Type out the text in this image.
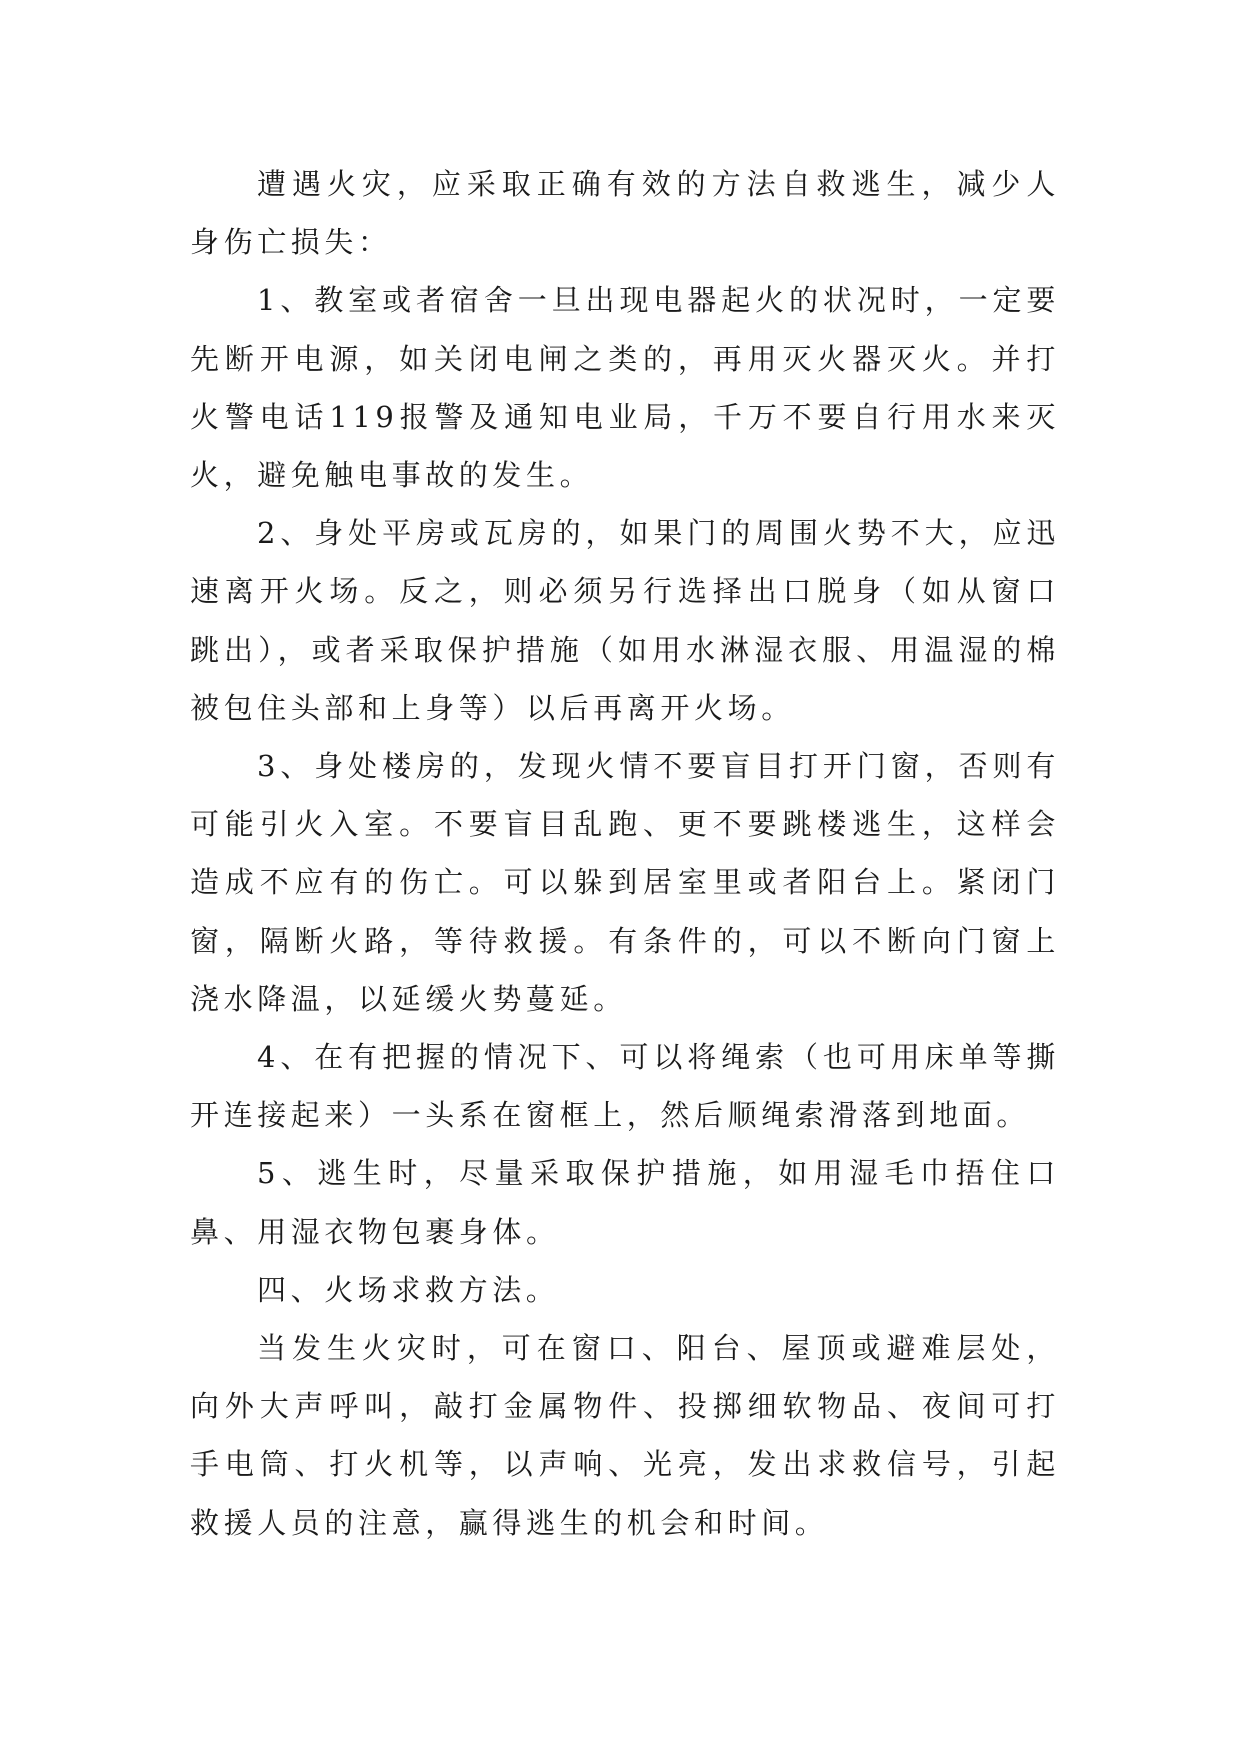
遭遇火灾，应采取正确有效的方法自救逃生，减少人身伤亡损失：

1、教室或者宿舍一旦出现电器起火的状况时，一定要先断开电源，如关闭电闸之类的，再用灭火器灭火。并打火警电话119报警及通知电业局，千万不要自行用水来灭火，避免触电事故的发生。

2、身处平房或瓦房的，如果门的周围火势不大，应迅速离开火场。反之，则必须另行选择出口脱身（如从窗口跳出），或者采取保护措施（如用水淋湿衣服、用温湿的棉被包住头部和上身等）以后再离开火场。

3、身处楼房的，发现火情不要盲目打开门窗，否则有可能引火入室。不要盲目乱跑、更不要跳楼逃生，这样会造成不应有的伤亡。可以躲到居室里或者阳台上。紧闭门窗，隔断火路，等待救援。有条件的，可以不断向门窗上浇水降温，以延缓火势蔓延。

4、在有把握的情况下、可以将绳索（也可用床单等撕开连接起来）一头系在窗框上，然后顺绳索滑落到地面。

5、逃生时，尽量采取保护措施，如用湿毛巾捂住口鼻、用湿衣物包裹身体。

四、火场求救方法。

当发生火灾时，可在窗口、阳台、屋顶或避难层处，向外大声呼叫，敲打金属物件、投掷细软物品、夜间可打手电筒、打火机等，以声响、光亮，发出求救信号，引起救援人员的注意，赢得逃生的机会和时间。
